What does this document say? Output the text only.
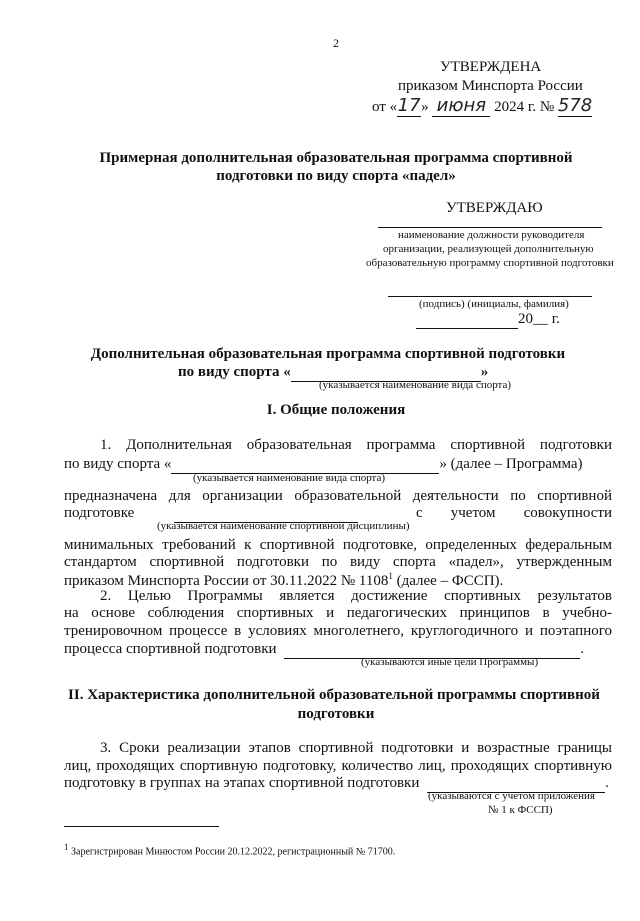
2
УТВЕРЖДЕНА
приказом Минспорта России
от «17» июня 2024 г. № 578
Примерная дополнительная образовательная программа спортивной
подготовки по виду спорта «падел»
УТВЕРЖДАЮ
наименование должности руководителя
организации, реализующей дополнительную
образовательную программу спортивной подготовки
(подпись) (инициалы, фамилия)
20__ г.
Дополнительная образовательная программа спортивной подготовки
по виду спорта «	»
(указывается наименование вида спорта)
I. Общие положения
1. Дополнительная образовательная программа спортивной подготовки
по виду спорта «	» (далее – Программа)
(указывается наименование вида спорта)
предназначена для организации образовательной деятельности по спортивной
подготовке	с учетом совокупности
(указывается наименование спортивной дисциплины)
минимальных требований к спортивной подготовке, определенных федеральным
стандартом спортивной подготовки по виду спорта «падел», утвержденным
приказом Минспорта России от 30.11.2022 № 1108$^1$ (далее – ФССП).
2. Целью Программы является достижение спортивных результатов
на основе соблюдения спортивных и педагогических принципов в учебно-
тренировочном процессе в условиях многолетнего, круглогодичного и поэтапного
процесса спортивной подготовки	.
(указываются иные цели Программы)
II. Характеристика дополнительной образовательной программы спортивной
подготовки
3. Сроки реализации этапов спортивной подготовки и возрастные границы
лиц, проходящих спортивную подготовку, количество лиц, проходящих спортивную
подготовку в группах на этапах спортивной подготовки	.
(указываются с учетом приложения
№ 1 к ФССП)
$^1$ Зарегистрирован Минюстом России 20.12.2022, регистрационный № 71700.
